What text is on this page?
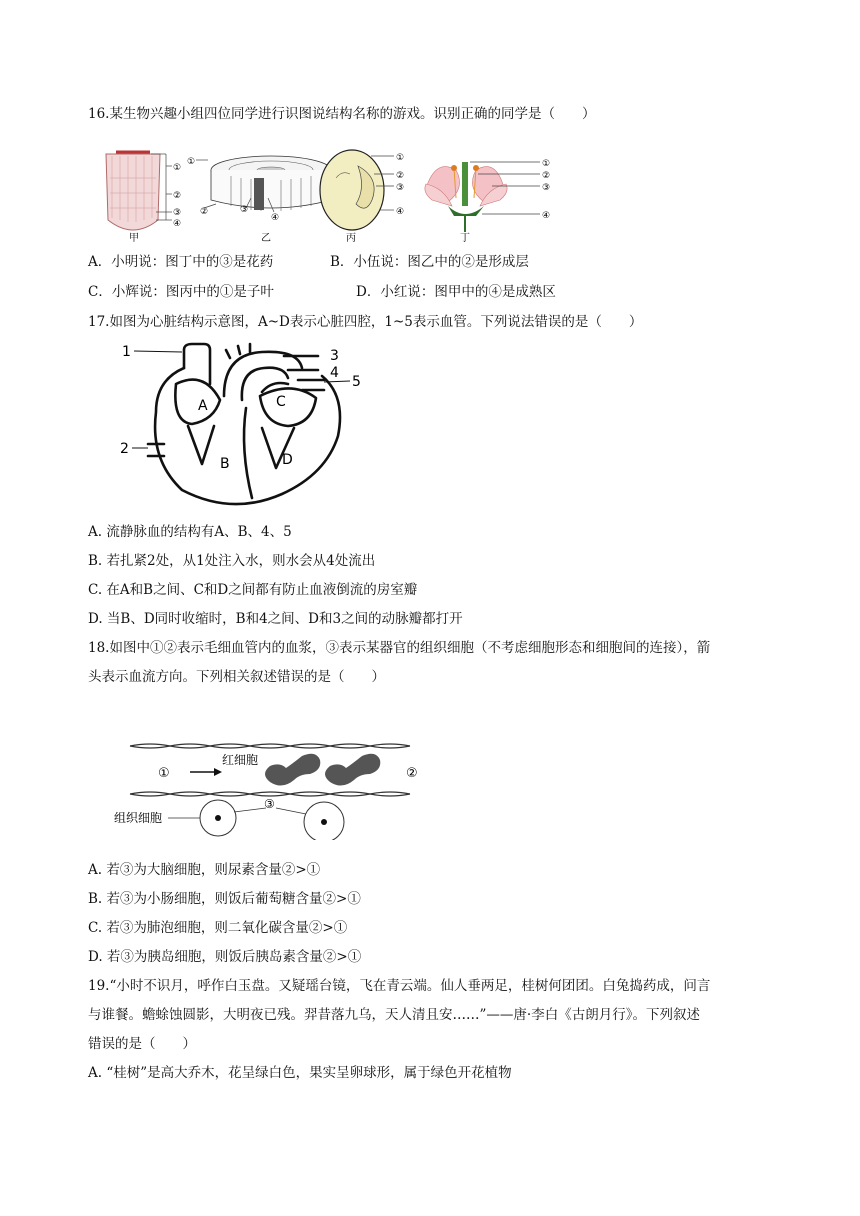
16.某生物兴趣小组四位同学进行识图说结构名称的游戏。识别正确的同学是（　　）
①
②
③
④
甲
①
②	③
④
乙
①
②
③
④
丙
①
②
③
④
丁
A．小明说：图丁中的③是花药	B．小伍说：图乙中的②是形成层
C．小辉说：图丙中的①是子叶	D．小红说：图甲中的④是成熟区
17.如图为心脏结构示意图，A~D表示心脏四腔，1~5表示血管。下列说法错误的是（　　）
1
2
3
4
5
A
B
C
D
A. 流静脉血的结构有A、B、4、5
B. 若扎紧2处，从1处注入水，则水会从4处流出
C. 在A和B之间、C和D之间都有防止血液倒流的房室瓣
D. 当B、D同时收缩时，B和4之间、D和3之间的动脉瓣都打开
18.如图中①②表示毛细血管内的血浆，③表示某器官的组织细胞（不考虑细胞形态和细胞间的连接），箭
头表示血流方向。下列相关叙述错误的是（　　）
①
红细胞
②
③
组织细胞
A. 若③为大脑细胞，则尿素含量②>①
B. 若③为小肠细胞，则饭后葡萄糖含量②>①
C. 若③为肺泡细胞，则二氧化碳含量②>①
D. 若③为胰岛细胞，则饭后胰岛素含量②>①
19.“小时不识月，呼作白玉盘。又疑瑶台镜，飞在青云端。仙人垂两足，桂树何团团。白兔捣药成，问言
与谁餐。蟾蜍蚀圆影，大明夜已残。羿昔落九乌，天人清且安……”——唐·李白《古朗月行》。下列叙述
错误的是（　　）
A. “桂树”是高大乔木，花呈绿白色，果实呈卵球形，属于绿色开花植物
